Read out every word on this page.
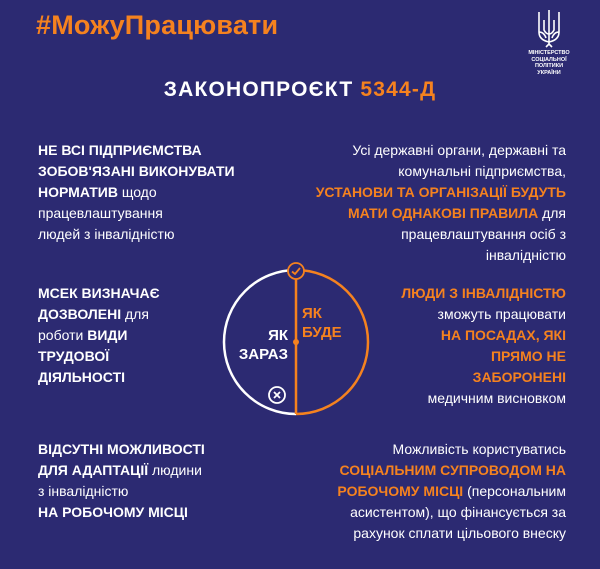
#МожуПрацювати
МІНІСТЕРСТВО
СОЦІАЛЬНОЇ ПОЛІТИКИ
УКРАЇНИ
ЗАКОНОПРОЄКТ 5344-Д
НЕ ВСІ ПІДПРИЄМСТВА
ЗОБОВ'ЯЗАНІ ВИКОНУВАТИ
НОРМАТИВ щодо
працевлаштування
людей з інвалідністю
Усі державні органи, державні та
комунальні підприємства,
УСТАНОВИ ТА ОРГАНІЗАЦІЇ БУДУТЬ
МАТИ ОДНАКОВІ ПРАВИЛА для
працевлаштування осіб з
інвалідністю
МСЕК ВИЗНАЧАЄ
ДОЗВОЛЕНІ для
роботи ВИДИ
ТРУДОВОЇ
ДІЯЛЬНОСТІ
ЛЮДИ З ІНВАЛІДНІСТЮ
зможуть працювати
НА ПОСАДАХ, ЯКІ
ПРЯМО НЕ
ЗАБОРОНЕНІ
медичним висновком
ВІДСУТНІ МОЖЛИВОСТІ
ДЛЯ АДАПТАЦІЇ людини
з інвалідністю
НА РОБОЧОМУ МІСЦІ
Можливість користуватись
СОЦІАЛЬНИМ СУПРОВОДОМ НА
РОБОЧОМУ МІСЦІ (персональним
асистентом), що фінансується за
рахунок сплати цільового внеску
ЯК
ЗАРАЗ
ЯК
БУДЕ
